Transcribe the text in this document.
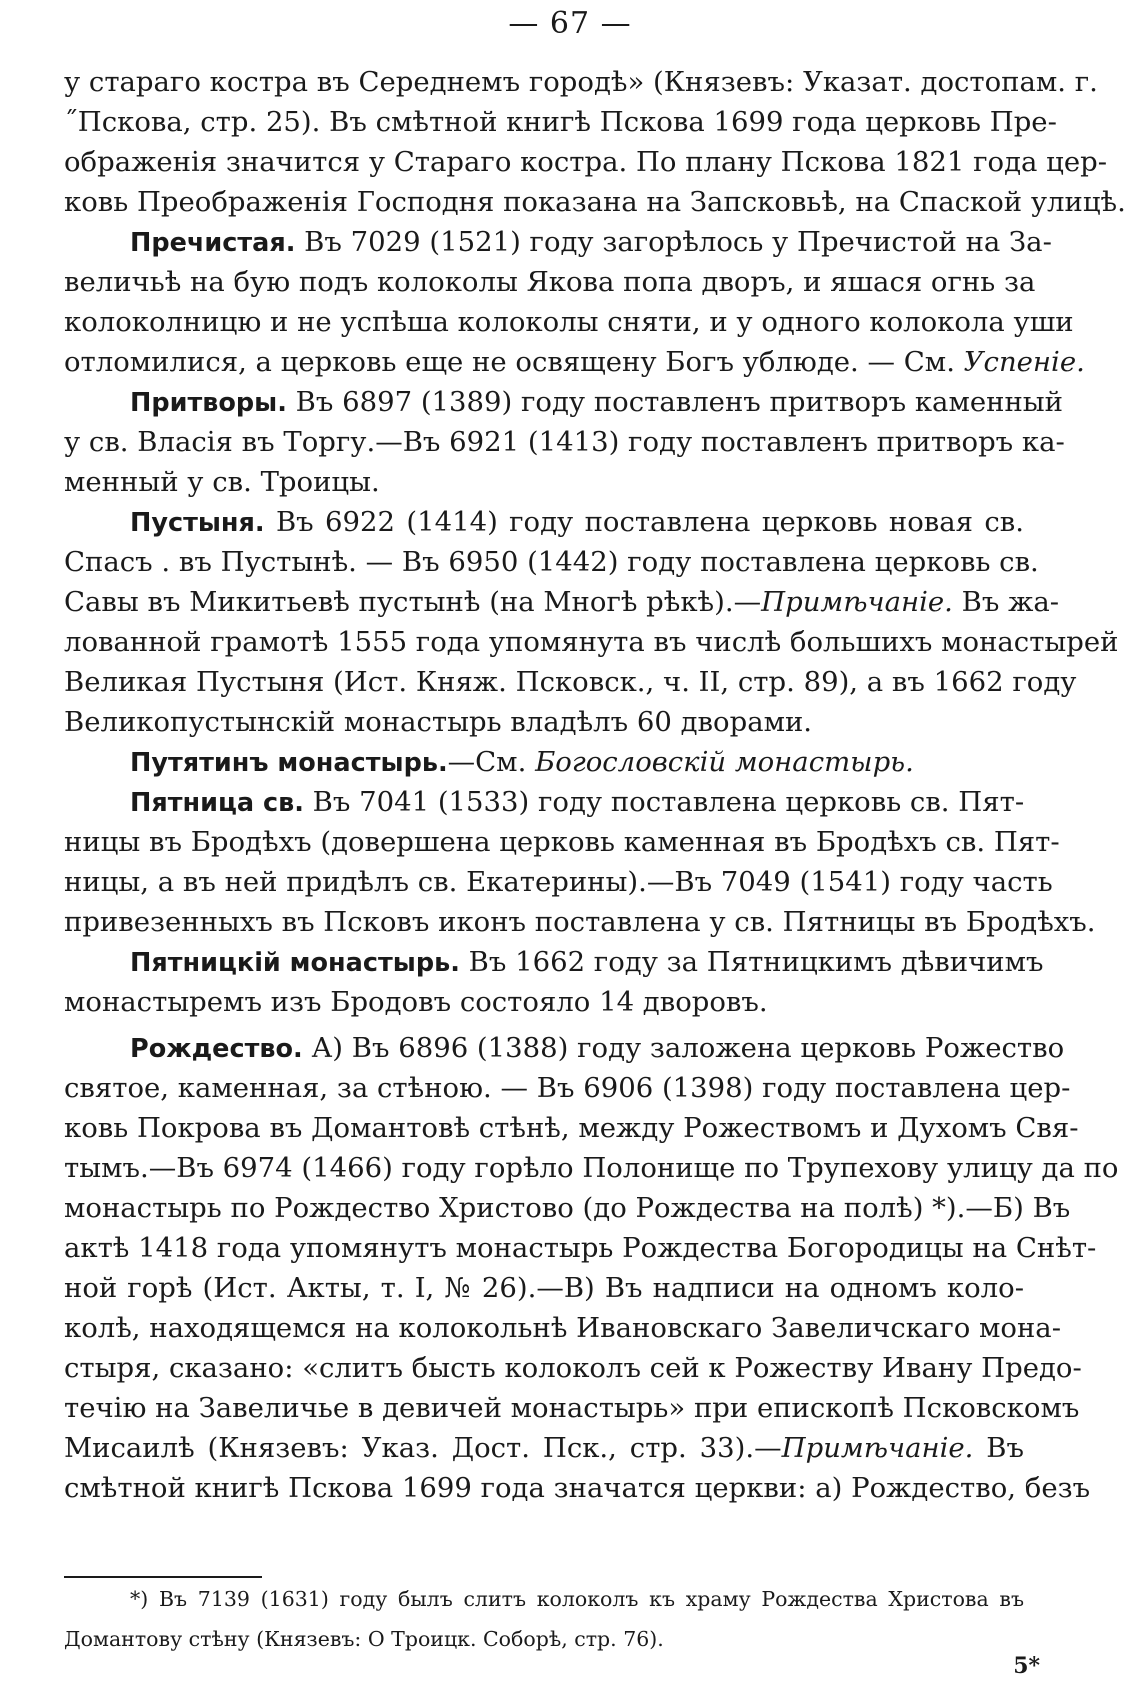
— 67 —
у стараго костра въ Середнемъ городѣ» (Князевъ: Указат. достопам. г.
˝Пскова, стр. 25). Въ смѣтной книгѣ Пскова 1699 года церковь Пре-
ображенія значится у Стараго костра. По плану Пскова 1821 года цер-
ковь Преображенія Господня показана на Запсковьѣ, на Спаской улицѣ.
Пречистая. Въ 7029 (1521) году загорѣлось у Пречистой на За-
величьѣ на бую подъ колоколы Якова попа дворъ, и яшася огнь за
колоколницю и не успѣша колоколы сняти, и у одного колокола уши
отломилися, а церковь еще не освящену Богъ ублюде. — См. Успеніе.
Притворы. Въ 6897 (1389) году поставленъ притворъ каменный
у св. Власія въ Торгу.—Въ 6921 (1413) году поставленъ притворъ ка-
менный у св. Троицы.
Пустыня. Въ 6922 (1414) году поставлена церковь новая св.
Спасъ . въ Пустынѣ. — Въ 6950 (1442) году поставлена церковь св.
Савы въ Микитьевѣ пустынѣ (на Многѣ рѣкѣ).—Примѣчаніе. Въ жа-
лованной грамотѣ 1555 года упомянута въ числѣ большихъ монастырей
Великая Пустыня (Ист. Княж. Псковск., ч. II, стр. 89), а въ 1662 году
Великопустынскій монастырь владѣлъ 60 дворами.
Путятинъ монастырь.—См. Богословскій монастырь.
Пятница св. Въ 7041 (1533) году поставлена церковь св. Пят-
ницы въ Бродѣхъ (довершена церковь каменная въ Бродѣхъ св. Пят-
ницы, а въ ней придѣлъ св. Екатерины).—Въ 7049 (1541) году часть
привезенныхъ въ Псковъ иконъ поставлена у св. Пятницы въ Бродѣхъ.
Пятницкій монастырь. Въ 1662 году за Пятницкимъ дѣвичимъ
монастыремъ изъ Бродовъ состояло 14 дворовъ.
Рождество. А) Въ 6896 (1388) году заложена церковь Рожество
святое, каменная, за стѣною. — Въ 6906 (1398) году поставлена цер-
ковь Покрова въ Домантовѣ стѣнѣ, между Рожествомъ и Духомъ Свя-
тымъ.—Въ 6974 (1466) году горѣло Полонище по Трупехову улицу да по
монастырь по Рождество Христово (до Рождества на полѣ) *).—Б) Въ
актѣ 1418 года упомянутъ монастырь Рождества Богородицы на Снѣт-
ной горѣ (Ист. Акты, т. I, № 26).—В) Въ надписи на одномъ коло-
колѣ, находящемся на колокольнѣ Ивановскаго Завеличскаго мона-
стыря, сказано: «слитъ бысть колоколъ сей к Рожеству Ивану Предо-
течію на Завеличье в девичей монастырь» при епископѣ Псковскомъ
Мисаилѣ (Князевъ: Указ. Дост. Пск., стр. 33).—Примѣчаніе. Въ
смѣтной книгѣ Пскова 1699 года значатся церкви: а) Рождество, безъ
*) Въ 7139 (1631) году былъ слитъ колоколъ къ храму Рождества Христова въ
Домантову стѣну (Князевъ: О Троицк. Соборѣ, стр. 76).
5*
